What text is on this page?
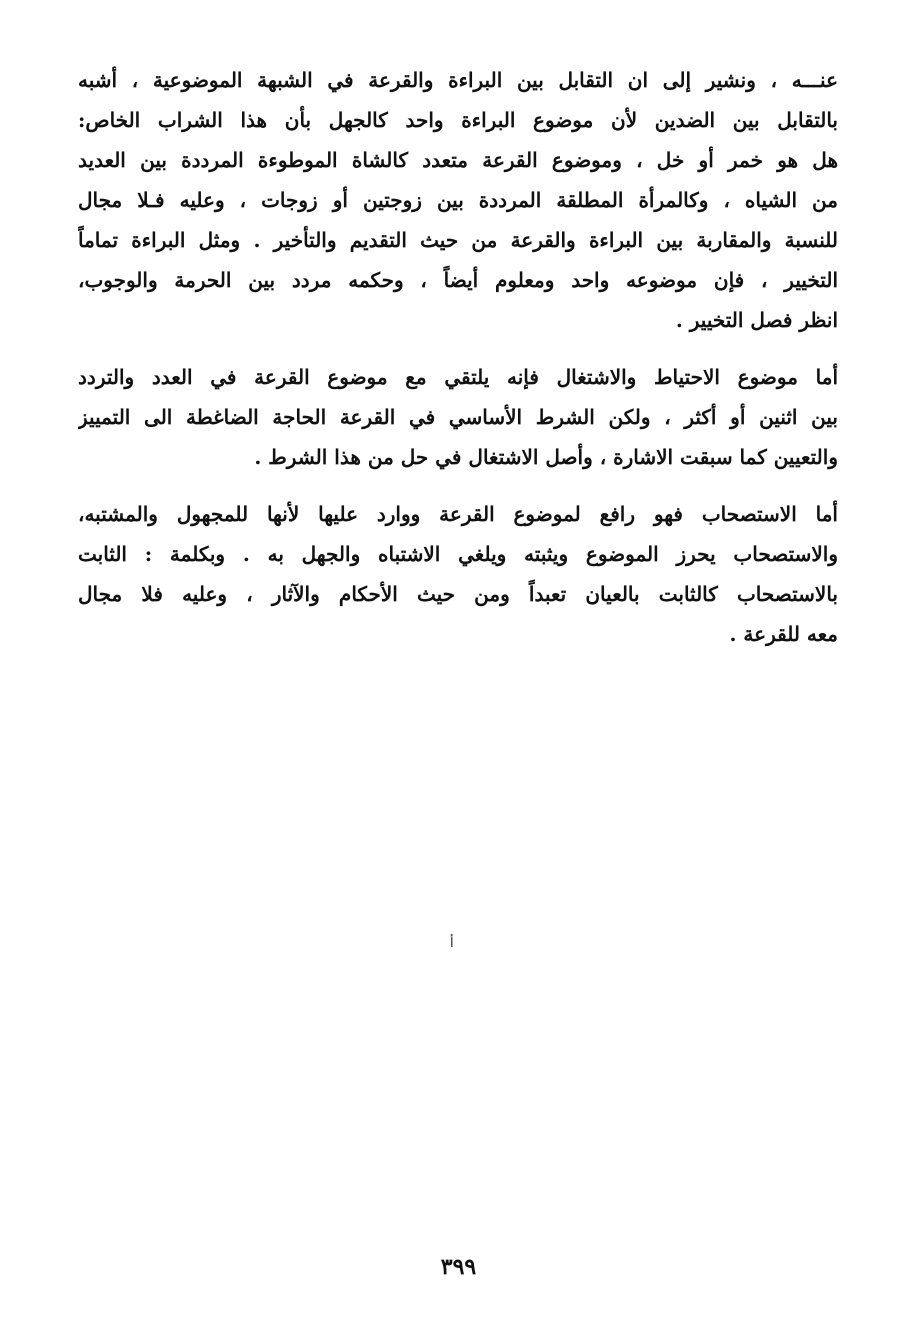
عنـــه ، ونشير إلى ان التقابل بين البراءة والقرعة في الشبهة الموضوعية ، أشبه
بالتقابل بين الضدين لأن موضوع البراءة واحد كالجهل بأن هذا الشراب الخاص:
هل هو خمر أو خل ، وموضوع القرعة متعدد كالشاة الموطوءة المرددة بين العديد
من الشياه ، وكالمرأة المطلقة المرددة بين زوجتين أو زوجات ، وعليه فـلا مجال
للنسبة والمقاربة بين البراءة والقرعة من حيث التقديم والتأخير . ومثل البراءة تماماً
التخيير ، فإن موضوعه واحد ومعلوم أيضاً ، وحكمه مردد بين الحرمة والوجوب،
انظر فصل التخيير .
أما موضوع الاحتياط والاشتغال فإنه يلتقي مع موضوع القرعة في العدد والتردد
بين اثنين أو أكثر ، ولكن الشرط الأساسي في القرعة الحاجة الضاغطة الى التمييز
والتعيين كما سبقت الاشارة ، وأصل الاشتغال في حل من هذا الشرط .
أما الاستصحاب فهو رافع لموضوع القرعة ووارد عليها لأنها للمجهول والمشتبه،
والاستصحاب يحرز الموضوع ويثبته ويلغي الاشتباه والجهل به . وبكلمة : الثابت
بالاستصحاب كالثابت بالعيان تعبداً ومن حيث الأحكام والآثار ، وعليه فلا مجال
معه للقرعة .
أ
٣٩٩
